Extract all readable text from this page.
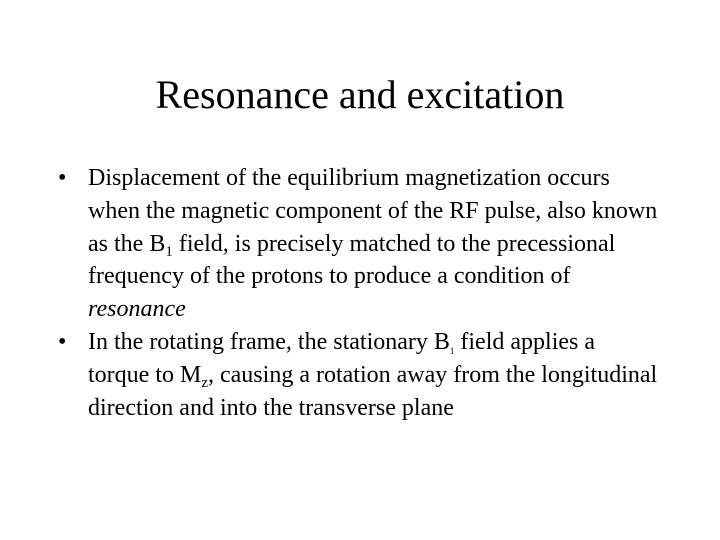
Resonance and excitation
• Displacement of the equilibrium magnetization occurs when the magnetic component of the RF pulse, also known as the $B_1$ field, is precisely matched to the precessional frequency of the protons to produce a condition of resonance
• In the rotating frame, the stationary $B_1$ field applies a torque to $M_z$, causing a rotation away from the longitudinal direction and into the transverse plane
